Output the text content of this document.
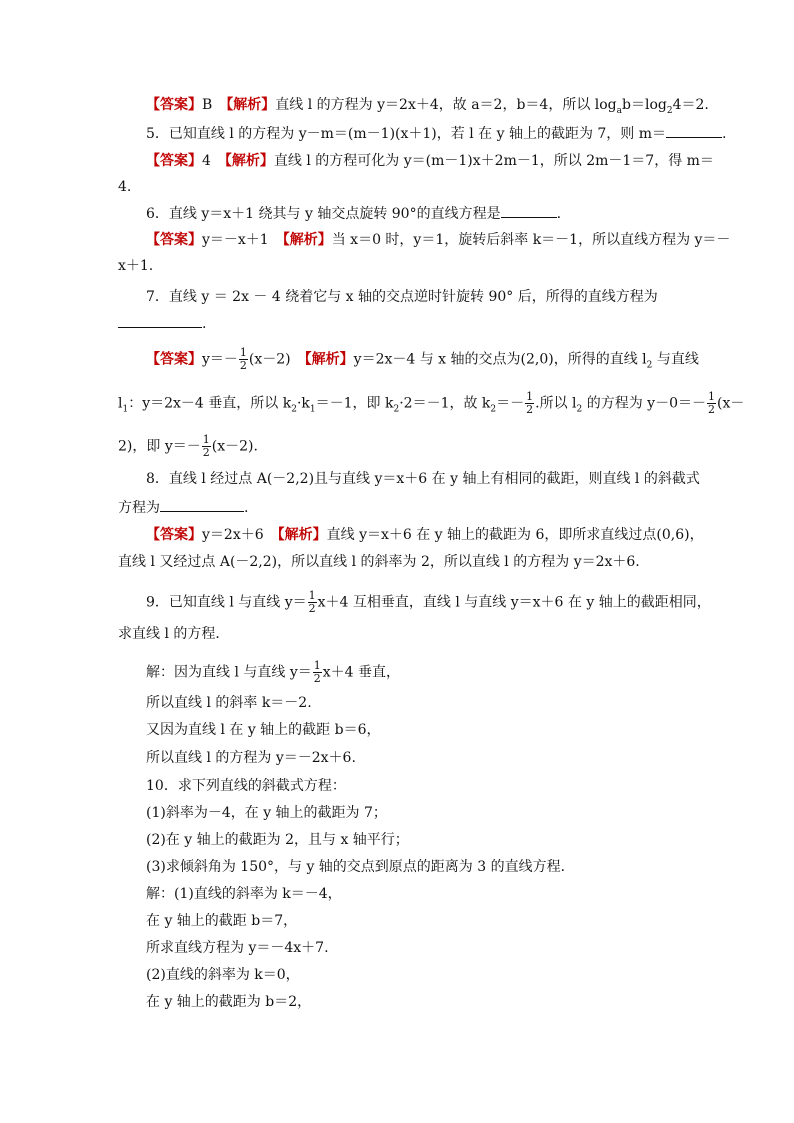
【答案】B　【解析】直线 l 的方程为 y＝2x＋4，故 a＝2，b＝4，所以 $\log_ab=\log_24=2$.
5．已知直线 l 的方程为 y－m＝(m－1)(x＋1)，若 l 在 y 轴上的截距为 7，则 m＝	.
【答案】4　【解析】直线 l 的方程可化为 y＝(m－1)x＋2m－1，所以 2m－1＝7，得 m＝
4.
6．直线 y＝x＋1 绕其与 y 轴交点旋转 90°的直线方程是	.
【答案】y＝－x＋1　【解析】当 x＝0 时，y＝1，旋转后斜率 k＝－1，所以直线方程为 y＝－
x＋1.
7．直线 y ＝ 2x － 4 绕着它与 x 轴的交点逆时针旋转 90° 后，所得的直线方程为
.
【答案】$y=- \frac{1}{2} (x-2)$　【解析】y＝2x－4 与 x 轴的交点为(2,0)，所得的直线 $l_2$ 与直线
$l_1$：y＝2x－4 垂直，所以 $k_2\cdot k_1=-1$，即 $k_2\cdot 2=-1$，故 $k_2=- \frac{1}{2}$ .所以 $l_2$ 的方程为 $y-0=- \frac{1}{2} (x-$
2)，即 $y=- \frac{1}{2} (x-2)$.
8．直线 l 经过点 A(－2,2)且与直线 y＝x＋6 在 y 轴上有相同的截距，则直线 l 的斜截式
方程为	.
【答案】y＝2x＋6　【解析】直线 y＝x＋6 在 y 轴上的截距为 6，即所求直线过点(0,6)，
直线 l 又经过点 A(－2,2)，所以直线 l 的斜率为 2，所以直线 l 的方程为 y＝2x＋6.
9．已知直线 l 与直线 $y= \frac{1}{2} x+4$ 互相垂直，直线 l 与直线 y＝x＋6 在 y 轴上的截距相同，
求直线 l 的方程．
解：因为直线 l 与直线 $y= \frac{1}{2} x+4$ 垂直，
所以直线 l 的斜率 k＝－2.
又因为直线 l 在 y 轴上的截距 b＝6，
所以直线 l 的方程为 y＝－2x＋6.
10．求下列直线的斜截式方程：
(1)斜率为－4，在 y 轴上的截距为 7；
(2)在 y 轴上的截距为 2，且与 x 轴平行；
(3)求倾斜角为 150°，与 y 轴的交点到原点的距离为 3 的直线方程．
解：(1)直线的斜率为 k＝－4，
在 y 轴上的截距 b＝7，
所求直线方程为 y＝－4x＋7.
(2)直线的斜率为 k＝0，
在 y 轴上的截距为 b＝2，
